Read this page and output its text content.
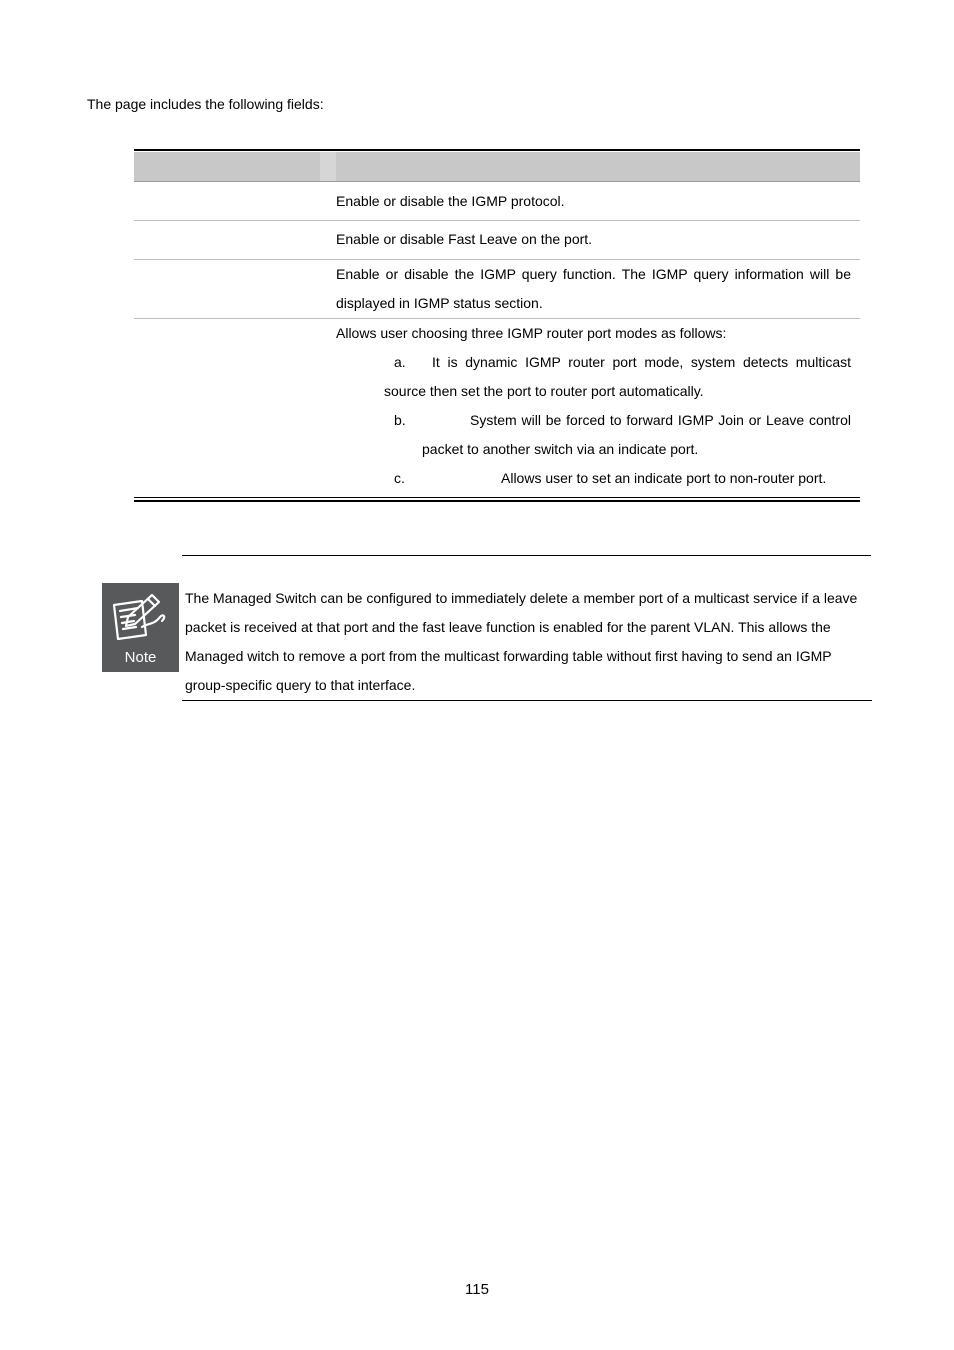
The page includes the following fields:
Enable or disable the IGMP protocol.
Enable or disable Fast Leave on the port.
Enable or disable the IGMP query function. The IGMP query information will be displayed in IGMP status section.
Allows user choosing three IGMP router port modes as follows:
a.	It is dynamic IGMP router port mode, system detects multicast source then set the port to router port automatically.
b.	System will be forced to forward IGMP Join or Leave control packet to another switch via an indicate port.
c.	Allows user to set an indicate port to non-router port.
Note
The Managed Switch can be configured to immediately delete a member port of a multicast service if a leave packet is received at that port and the fast leave function is enabled for the parent VLAN. This allows the Managed witch to remove a port from the multicast forwarding table without first having to send an IGMP group-specific query to that interface.
115
